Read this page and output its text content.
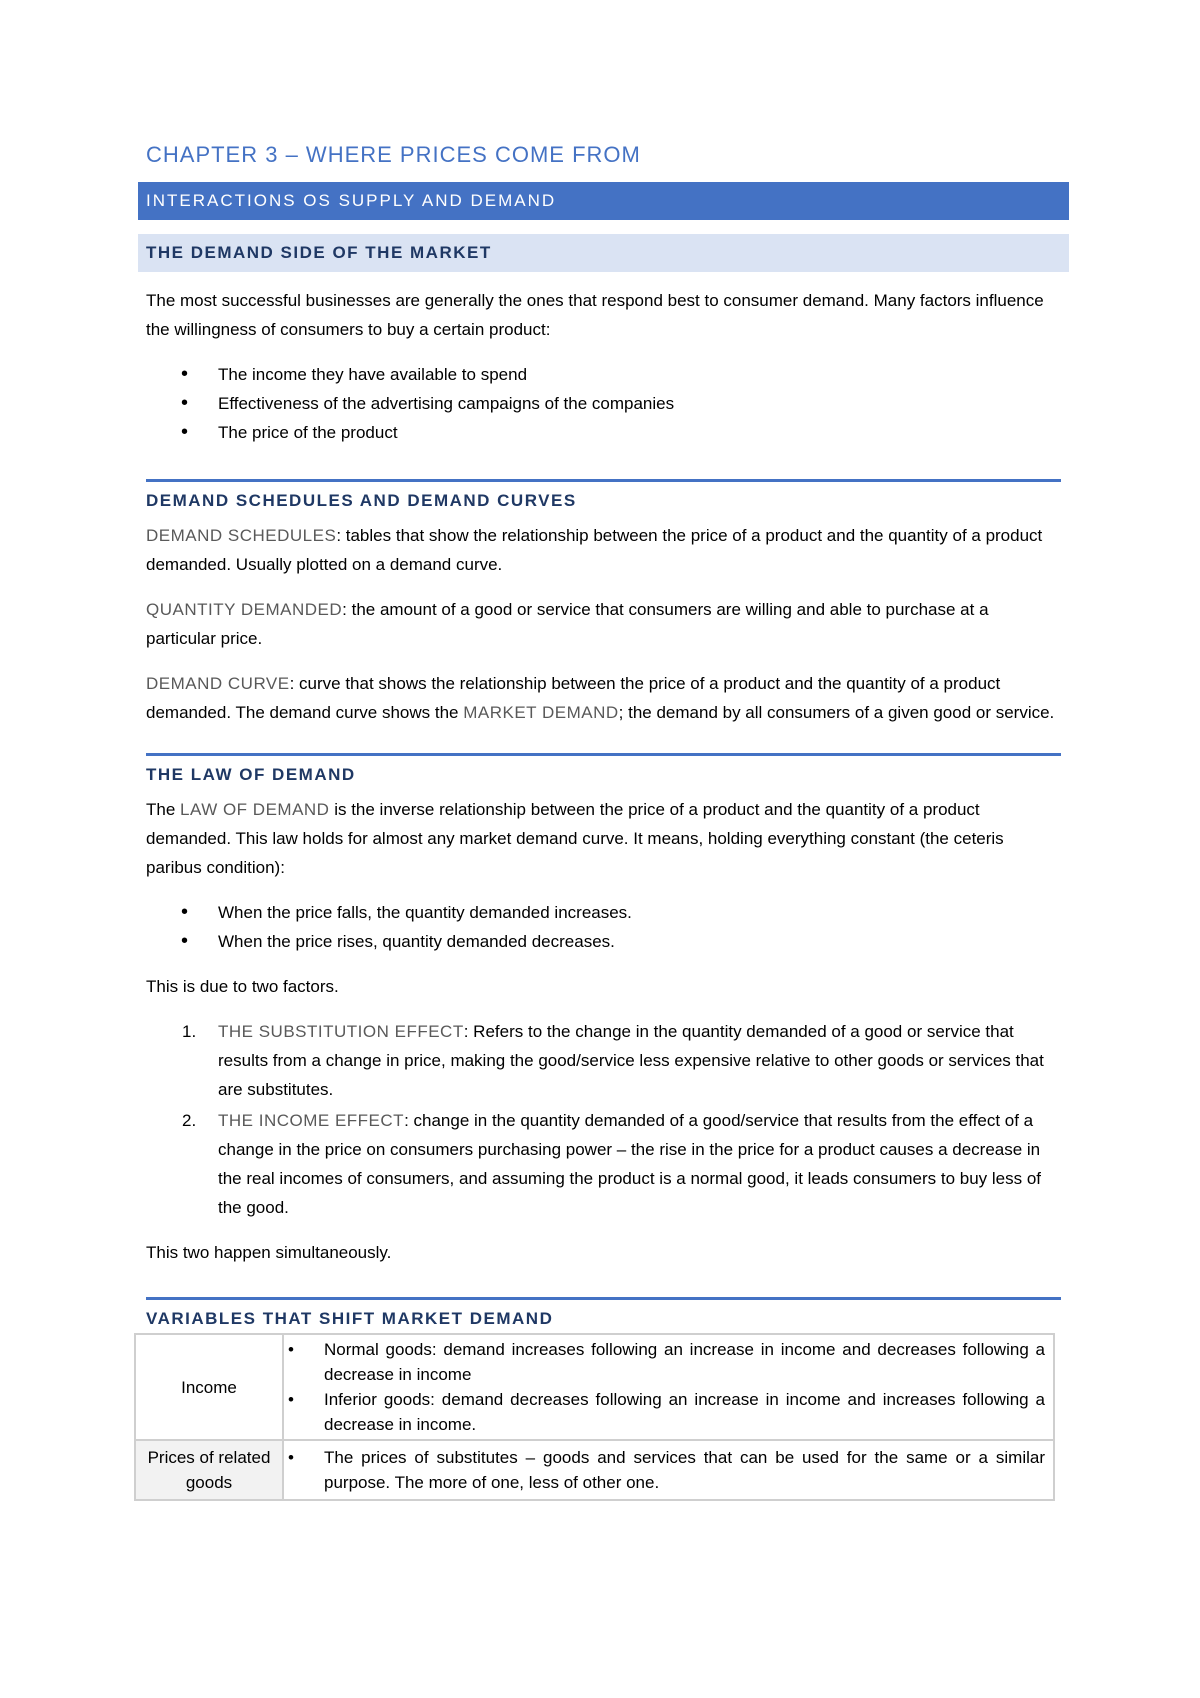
CHAPTER 3 – WHERE PRICES COME FROM
INTERACTIONS OS SUPPLY AND DEMAND
THE DEMAND SIDE OF THE MARKET

The most successful businesses are generally the ones that respond best to consumer demand. Many factors influence the willingness of consumers to buy a certain product:

• The income they have available to spend
• Effectiveness of the advertising campaigns of the companies
• The price of the product
DEMAND SCHEDULES AND DEMAND CURVES

DEMAND SCHEDULES: tables that show the relationship between the price of a product and the quantity of a product demanded. Usually plotted on a demand curve.

QUANTITY DEMANDED: the amount of a good or service that consumers are willing and able to purchase at a particular price.

DEMAND CURVE: curve that shows the relationship between the price of a product and the quantity of a product demanded. The demand curve shows the MARKET DEMAND; the demand by all consumers of a given good or service.

THE LAW OF DEMAND

The LAW OF DEMAND is the inverse relationship between the price of a product and the quantity of a product demanded. This law holds for almost any market demand curve. It means, holding everything constant (the ceteris paribus condition):

• When the price falls, the quantity demanded increases.
• When the price rises, quantity demanded decreases.

This is due to two factors.

1. THE SUBSTITUTION EFFECT: Refers to the change in the quantity demanded of a good or service that results from a change in price, making the good/service less expensive relative to other goods or services that are substitutes.
2. THE INCOME EFFECT: change in the quantity demanded of a good/service that results from the effect of a change in the price on consumers purchasing power – the rise in the price for a product causes a decrease in the real incomes of consumers, and assuming the product is a normal good, it leads consumers to buy less of the good.

This two happen simultaneously.

VARIABLES THAT SHIFT MARKET DEMAND
Income	• Normal goods: demand increases following an increase in income and decreases following a decrease in income
• Inferior goods: demand decreases following an increase in income and increases following a decrease in income.

Prices of related goods	• The prices of substitutes – goods and services that can be used for the same or a similar purpose. The more of one, less of other one.
